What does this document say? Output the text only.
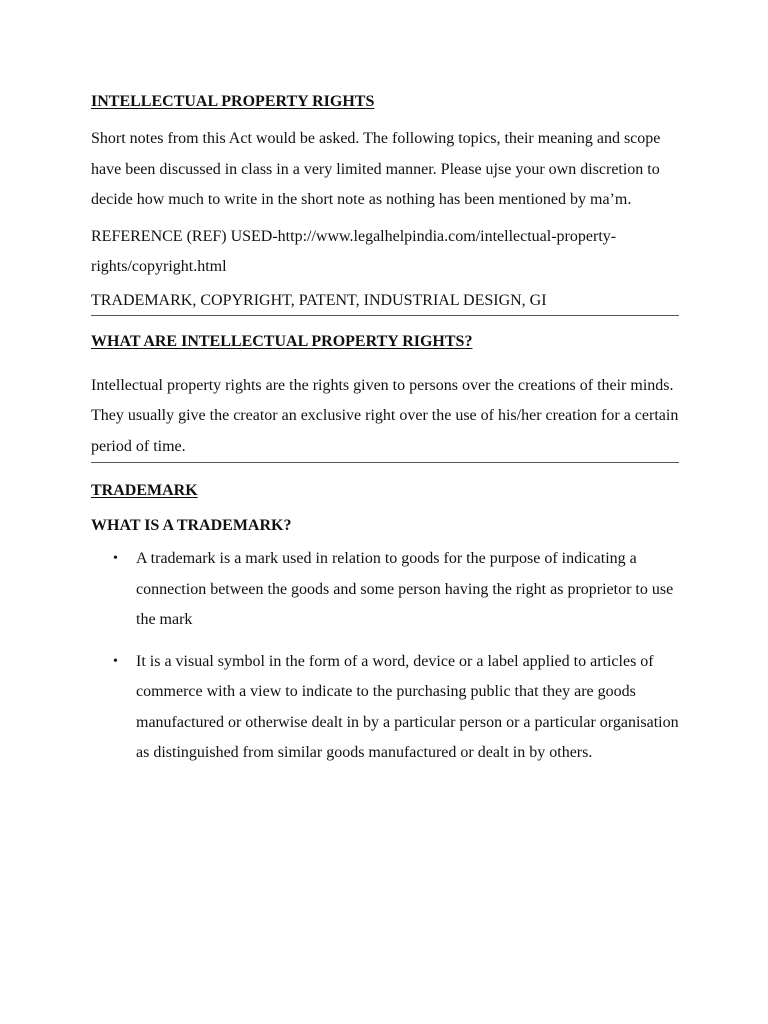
INTELLECTUAL PROPERTY RIGHTS

Short notes from this Act would be asked. The following topics, their meaning and scope have been discussed in class in a very limited manner. Please ujse your own discretion to decide how much to write in the short note as nothing has been mentioned by ma’m.

REFERENCE (REF) USED-http://www.legalhelpindia.com/intellectual-property-rights/copyright.html

TRADEMARK, COPYRIGHT, PATENT, INDUSTRIAL DESIGN, GI

WHAT ARE INTELLECTUAL PROPERTY RIGHTS?

Intellectual property rights are the rights given to persons over the creations of their minds. They usually give the creator an exclusive right over the use of his/her creation for a certain period of time.

TRADEMARK

WHAT IS A TRADEMARK?

• A trademark is a mark used in relation to goods for the purpose of indicating a connection between the goods and some person having the right as proprietor to use the mark
• It is a visual symbol in the form of a word, device or a label applied to articles of commerce with a view to indicate to the purchasing public that they are goods manufactured or otherwise dealt in by a particular person or a particular organisation as distinguished from similar goods manufactured or dealt in by others.
